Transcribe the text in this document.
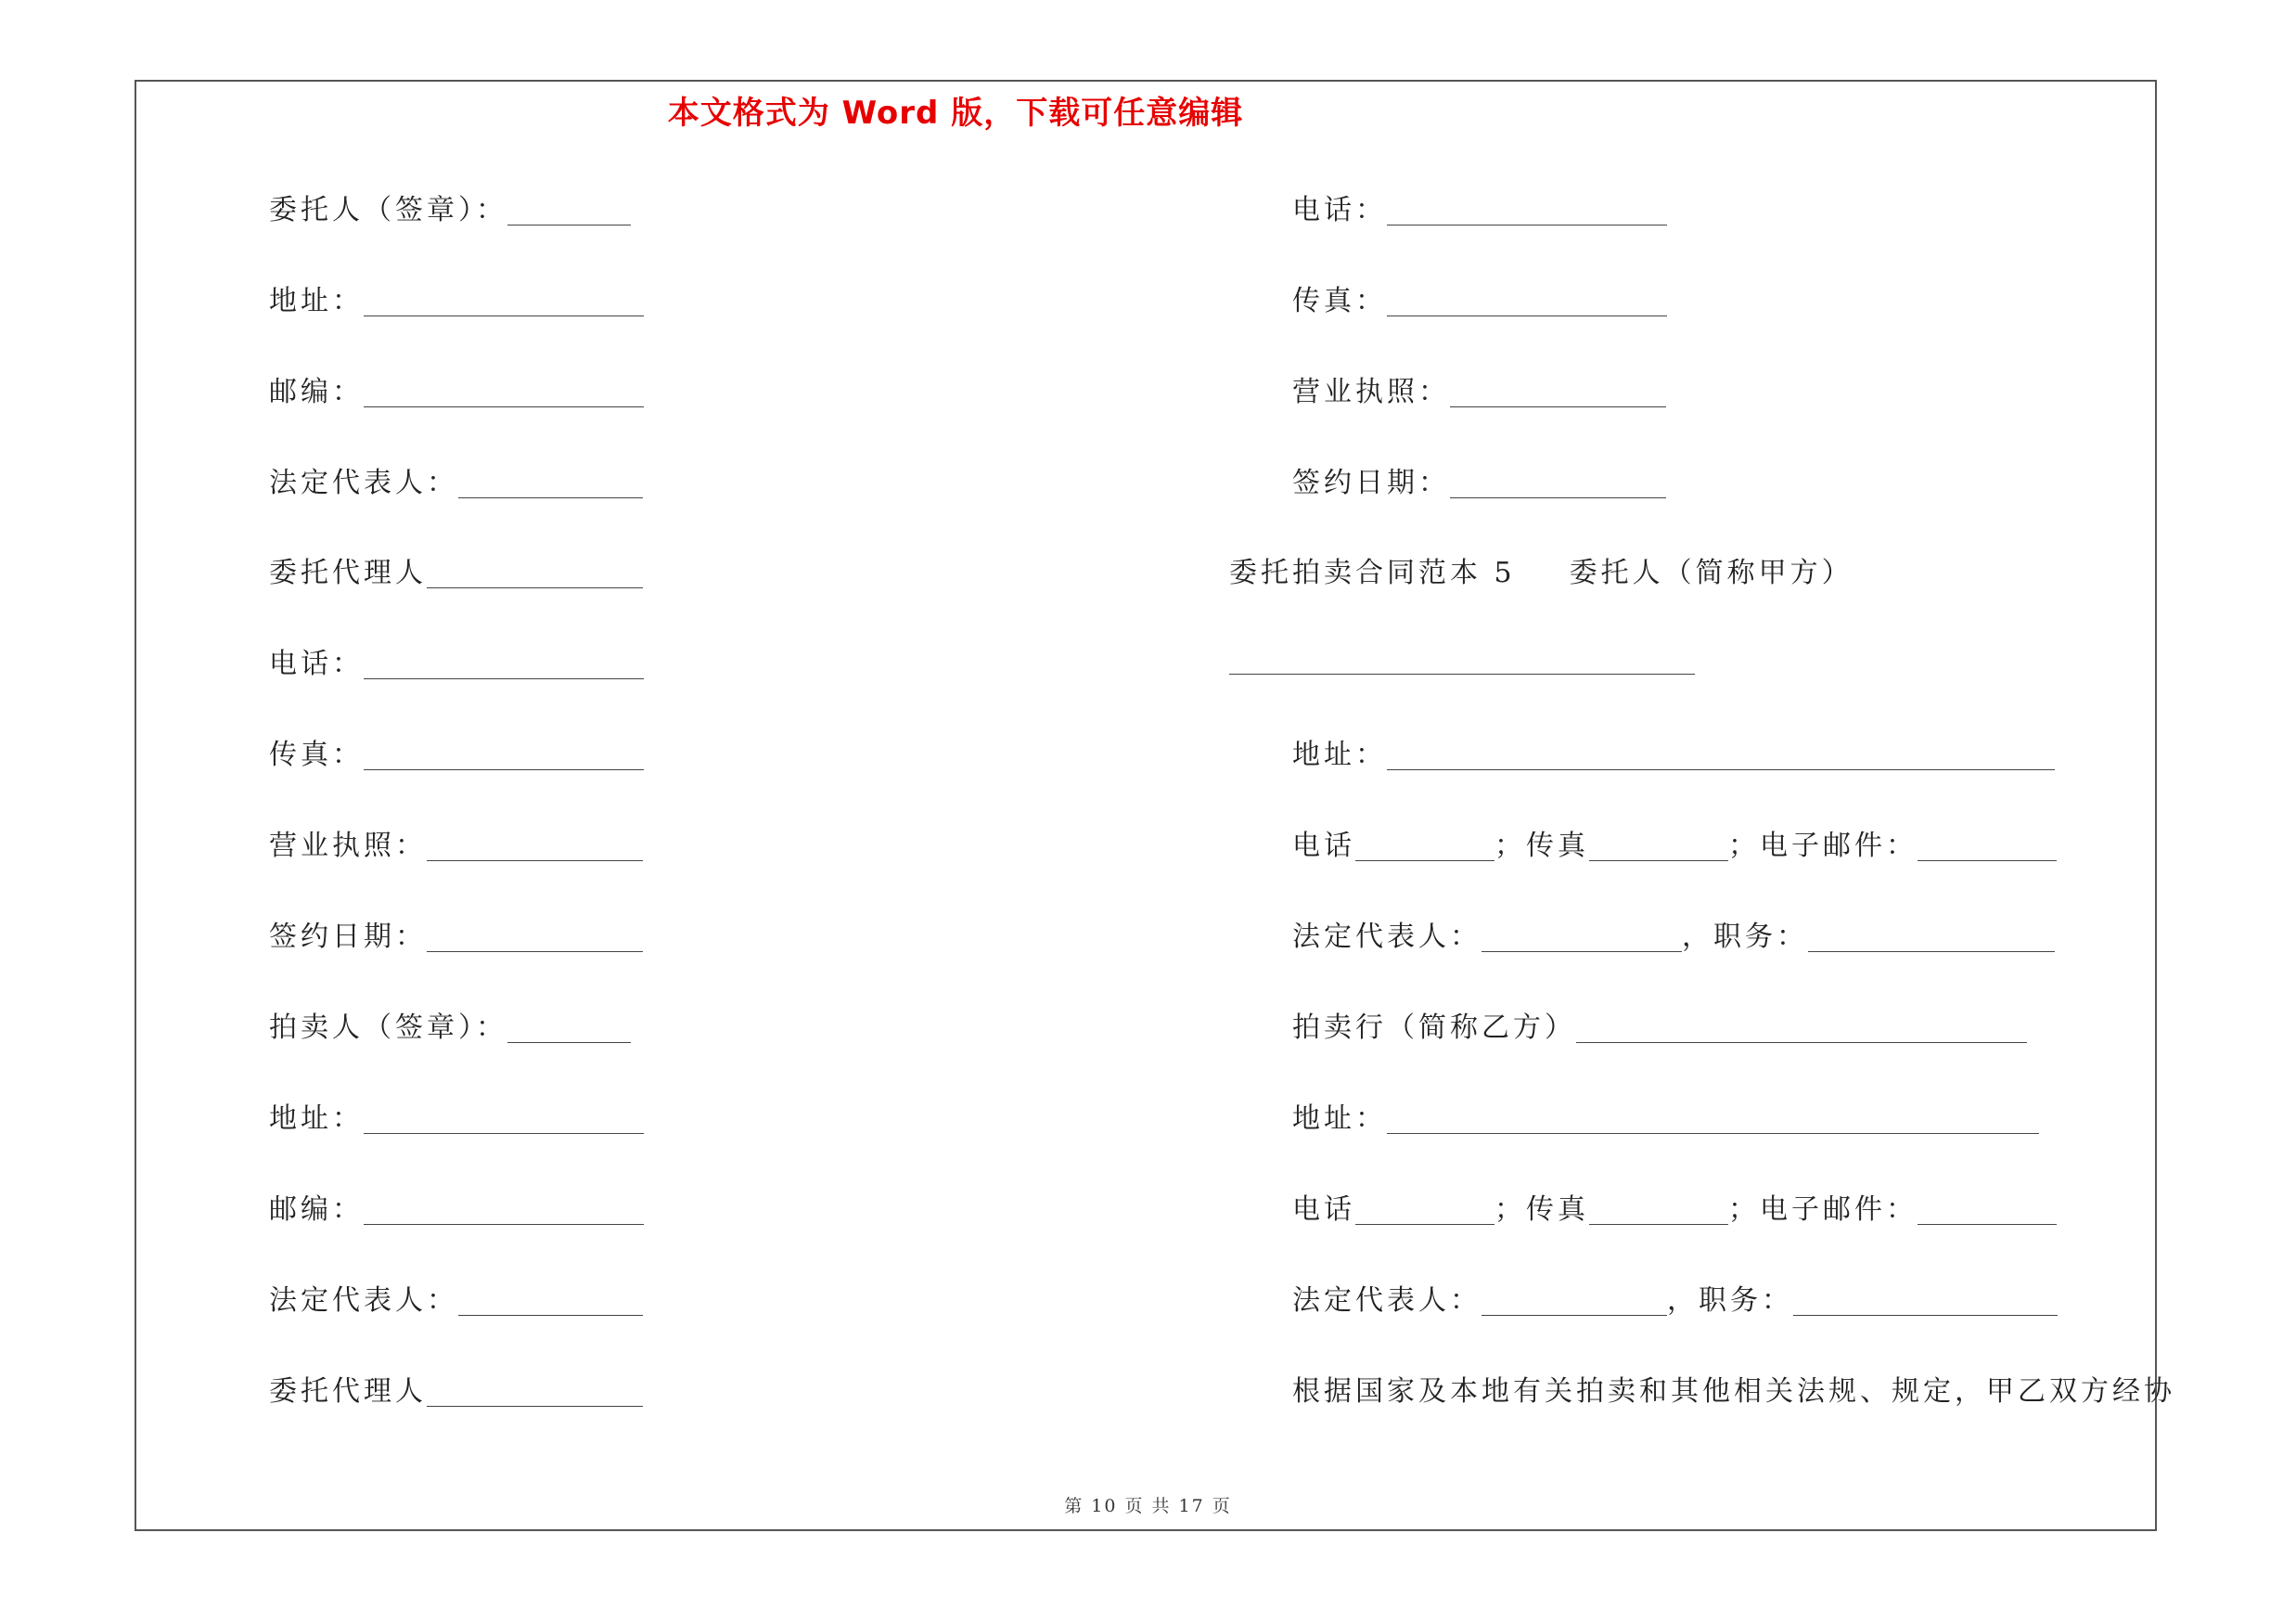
本文格式为 Word 版，下载可任意编辑
委托人（签章）：
地址：
邮编：
法定代表人：
委托代理人
电话：
传真：
营业执照：
签约日期：
拍卖人（签章）：
地址：
邮编：
法定代表人：
委托代理人
电话：
传真：
营业执照：
签约日期：
委托拍卖合同范本 5 委托人（简称甲方）
地址：
电话	；传真	；电子邮件：
法定代表人：	，职务：
拍卖行（简称乙方）
地址：
电话	；传真	；电子邮件：
法定代表人：	，职务：
根据国家及本地有关拍卖和其他相关法规、规定，甲乙双方经协
第 10 页 共 17 页
